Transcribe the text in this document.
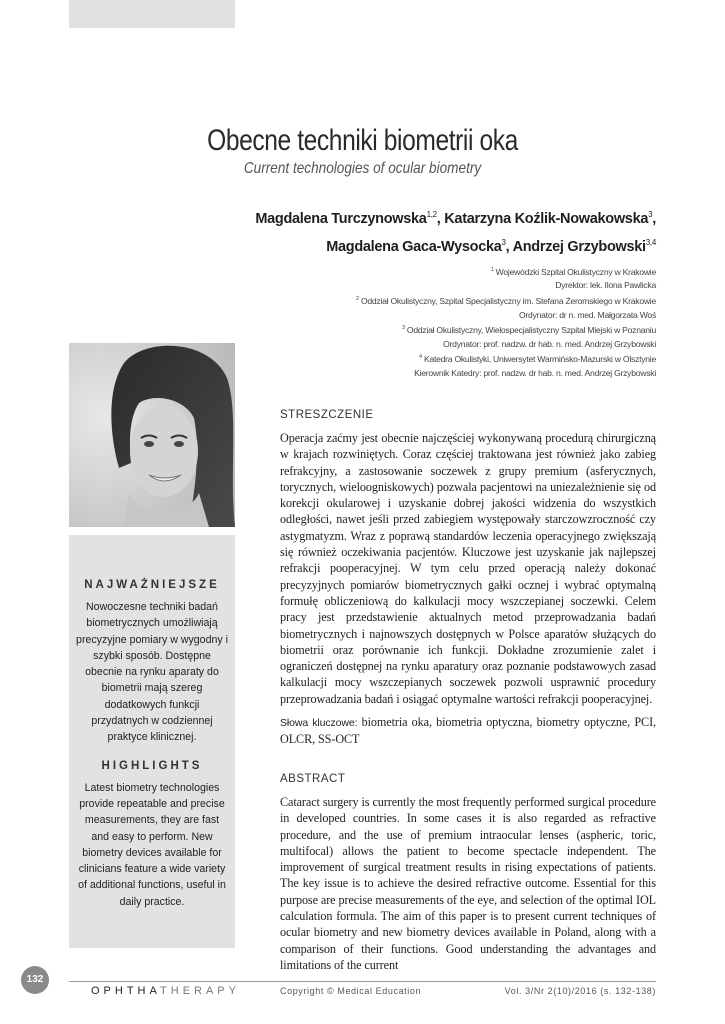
Obecne techniki biometrii oka
Current technologies of ocular biometry
Magdalena Turczynowska$^{1,2}$, Katarzyna Koźlik-Nowakowska$^3$,
Magdalena Gaca-Wysocka$^3$, Andrzej Grzybowski$^{3,4}$
$^1$ Wojewódzki Szpital Okulistyczny w Krakowie
Dyrektor: lek. Ilona Pawlicka
$^2$ Oddział Okulistyczny, Szpital Specjalistyczny im. Stefana Żeromskiego w Krakowie
Ordynator: dr n. med. Małgorzata Woś
$^3$ Oddział Okulistyczny, Wielospecjalistyczny Szpital Miejski w Poznaniu
Ordynator: prof. nadzw. dr hab. n. med. Andrzej Grzybowski
$^4$ Katedra Okulistyki, Uniwersytet Warmińsko-Mazurski w Olsztynie
Kierownik Katedry: prof. nadzw. dr hab. n. med. Andrzej Grzybowski
NAJWAŻNIEJSZE

Nowoczesne techniki badań biometrycznych umożliwiają precyzyjne pomiary w wygodny i szybki sposób. Dostępne obecnie na rynku aparaty do biometrii mają szereg dodatkowych funkcji przydatnych w codziennej praktyce klinicznej.

HIGHLIGHTS

Latest biometry technologies provide repeatable and precise measurements, they are fast and easy to perform. New biometry devices available for clinicians feature a wide variety of additional functions, useful in daily practice.

STRESZCZENIE

Operacja zaćmy jest obecnie najczęściej wykonywaną procedurą chirurgiczną w krajach rozwiniętych. Coraz częściej traktowana jest również jako zabieg refrakcyjny, a zastosowanie soczewek z grupy premium (asferycznych, torycznych, wieloogniskowych) pozwala pacjentowi na uniezależnienie się od korekcji okularowej i uzyskanie dobrej jakości widzenia do wszystkich odległości, nawet jeśli przed zabiegiem występowały starczowzroczność czy astygmatyzm. Wraz z poprawą standardów leczenia operacyjnego zwiększają się również oczekiwania pacjentów. Kluczowe jest uzyskanie jak najlepszej refrakcji pooperacyjnej. W tym celu przed operacją należy dokonać precyzyjnych pomiarów biometrycznych gałki ocznej i wybrać optymalną formułę obliczeniową do kalkulacji mocy wszczepianej soczewki. Celem pracy jest przedstawienie aktualnych metod przeprowadzania badań biometrycznych i najnowszych dostępnych w Polsce aparatów służących do biometrii oraz porównanie ich funkcji. Dokładne zrozumienie zalet i ograniczeń dostępnej na rynku aparatury oraz poznanie podstawowych zasad kalkulacji mocy wszczepianych soczewek pozwoli usprawnić procedury przeprowadzania badań i osiągać optymalne wartości refrakcji pooperacyjnej.

Słowa kluczowe: biometria oka, biometria optyczna, biometry optyczne, PCI, OLCR, SS-OCT

ABSTRACT

Cataract surgery is currently the most frequently performed surgical procedure in developed countries. In some cases it is also regarded as refractive procedure, and the use of premium intraocular lenses (aspheric, toric, multifocal) allows the patient to become spectacle independent. The improvement of surgical treatment results in rising expectations of patients. The key issue is to achieve the desired refractive outcome. Essential for this purpose are precise measurements of the eye, and selection of the optimal IOL calculation formula. The aim of this paper is to present current techniques of ocular biometry and new biometry devices available in Poland, along with a comparison of their functions. Good understanding the advantages and limitations of the current

132
OPHTHATHERAPY	Copyright © Medical Education	Vol. 3/Nr 2(10)/2016 (s. 132-138)
